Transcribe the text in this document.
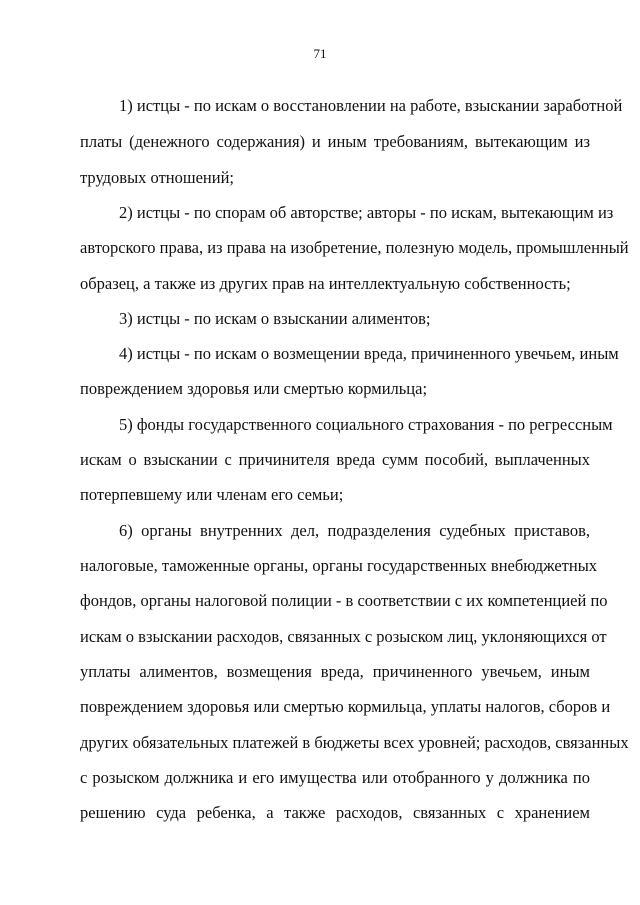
71
1) истцы - по искам о восстановлении на работе, взыскании заработной
платы (денежного содержания) и иным требованиям, вытекающим из
трудовых отношений;
2) истцы - по спорам об авторстве; авторы - по искам, вытекающим из
авторского права, из права на изобретение, полезную модель, промышленный
образец, а также из других прав на интеллектуальную собственность;
3) истцы - по искам о взыскании алиментов;
4) истцы - по искам о возмещении вреда, причиненного увечьем, иным
повреждением здоровья или смертью кормильца;
5) фонды государственного социального страхования - по регрессным
искам о взыскании с причинителя вреда сумм пособий, выплаченных
потерпевшему или членам его семьи;
6) органы внутренних дел, подразделения судебных приставов,
налоговые, таможенные органы, органы государственных внебюджетных
фондов, органы налоговой полиции - в соответствии с их компетенцией по
искам о взыскании расходов, связанных с розыском лиц, уклоняющихся от
уплаты алиментов, возмещения вреда, причиненного увечьем, иным
повреждением здоровья или смертью кормильца, уплаты налогов, сборов и
других обязательных платежей в бюджеты всех уровней; расходов, связанных
с розыском должника и его имущества или отобранного у должника по
решению суда ребенка, а также расходов, связанных с хранением
